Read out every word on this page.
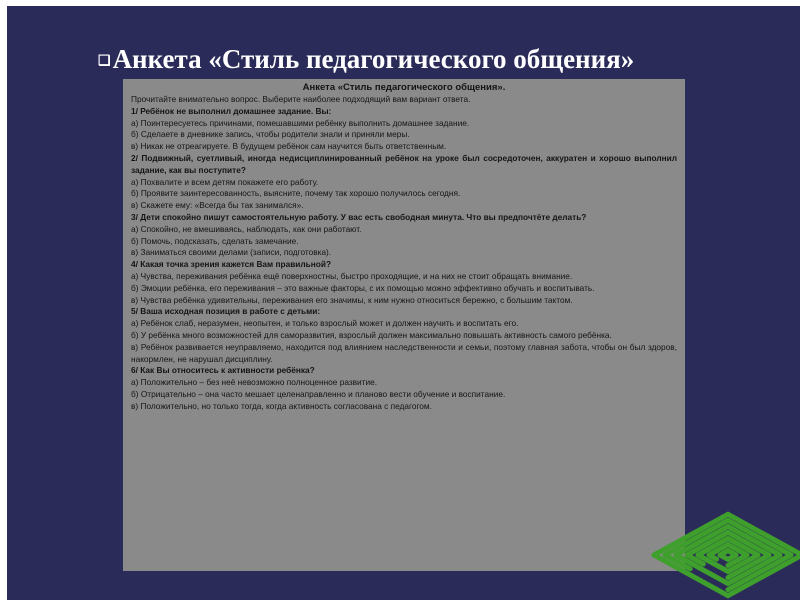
❑Анкета «Стиль педагогического общения»
Анкета «Стиль педагогического общения».
Прочитайте внимательно вопрос. Выберите наиболее подходящий вам вариант ответа.
1/ Ребёнок не выполнил домашнее задание. Вы:
а) Поинтересуетесь причинами, помешавшими ребёнку выполнить домашнее задание.
б) Сделаете в дневнике запись, чтобы родители знали и приняли меры.
в) Никак не отреагируете. В будущем ребёнок сам научится быть ответственным.
2/ Подвижный, суетливый, иногда недисциплинированный ребёнок на уроке был сосредоточен, аккуратен и хорошо выполнил задание, как вы поступите?
а) Похвалите и всем детям покажете его работу.
б) Проявите заинтересованность, выясните, почему так хорошо получилось сегодня.
в) Скажете ему: «Всегда бы так занимался».
3/ Дети спокойно пишут самостоятельную работу. У вас есть свободная минута. Что вы предпочтёте делать?
а) Спокойно, не вмешиваясь, наблюдать, как они работают.
б) Помочь, подсказать, сделать замечание.
в) Заниматься своими делами (записи, подготовка).
4/ Какая точка зрения кажется Вам правильной?
а) Чувства, переживания ребёнка ещё поверхностны, быстро проходящие, и на них не стоит обращать внимание.
б) Эмоции ребёнка, его переживания – это важные факторы, с их помощью можно эффективно обучать и воспитывать.
в) Чувства ребёнка удивительны, переживания его значимы, к ним нужно относиться бережно, с большим тактом.
5/ Ваша исходная позиция в работе с детьми:
а) Ребёнок слаб, неразумен, неопытен, и только взрослый может и должен научить и воспитать его.
б) У ребёнка много возможностей для саморазвития, взрослый должен максимально повышать активность самого ребёнка.
в) Ребёнок развивается неуправляемо, находится под влиянием наследственности и семьи, поэтому главная забота, чтобы он был здоров, накормлен, не нарушал дисциплину.
6/ Как Вы относитесь к активности ребёнка?
а) Положительно – без неё невозможно полноценное развитие.
б) Отрицательно – она часто мешает целенаправленно и планово вести обучение и воспитание.
в) Положительно, но только тогда, когда активность согласована с педагогом.
